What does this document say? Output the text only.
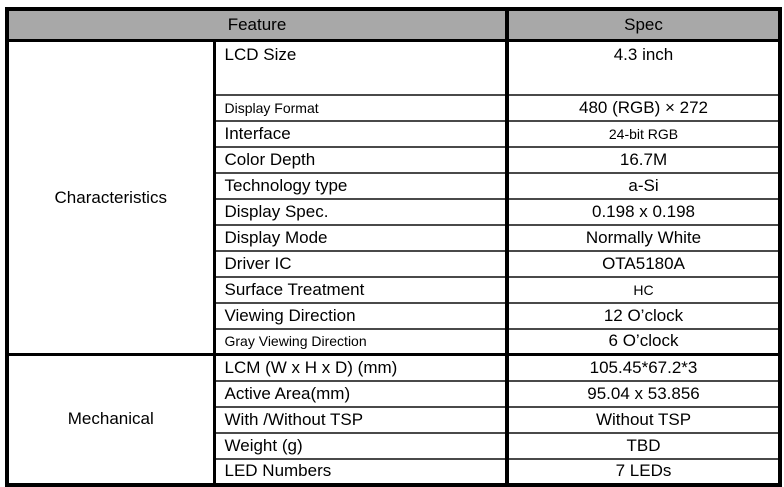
Feature		Spec
Characteristics	LCD Size	4.3 inch
	Display Format	480 (RGB) × 272
	Interface	24-bit RGB
	Color Depth	16.7M
	Technology type	a-Si
	Display Spec.	0.198 x 0.198
	Display Mode	Normally White
	Driver IC	OTA5180A
	Surface Treatment	HC
	Viewing Direction	12 O’clock
	Gray Viewing Direction	6 O’clock
Mechanical	LCM (W x H x D) (mm)	105.45*67.2*3
	Active Area(mm)	95.04 x 53.856
	With /Without TSP	Without TSP
	Weight (g)	TBD
	LED Numbers	7 LEDs
